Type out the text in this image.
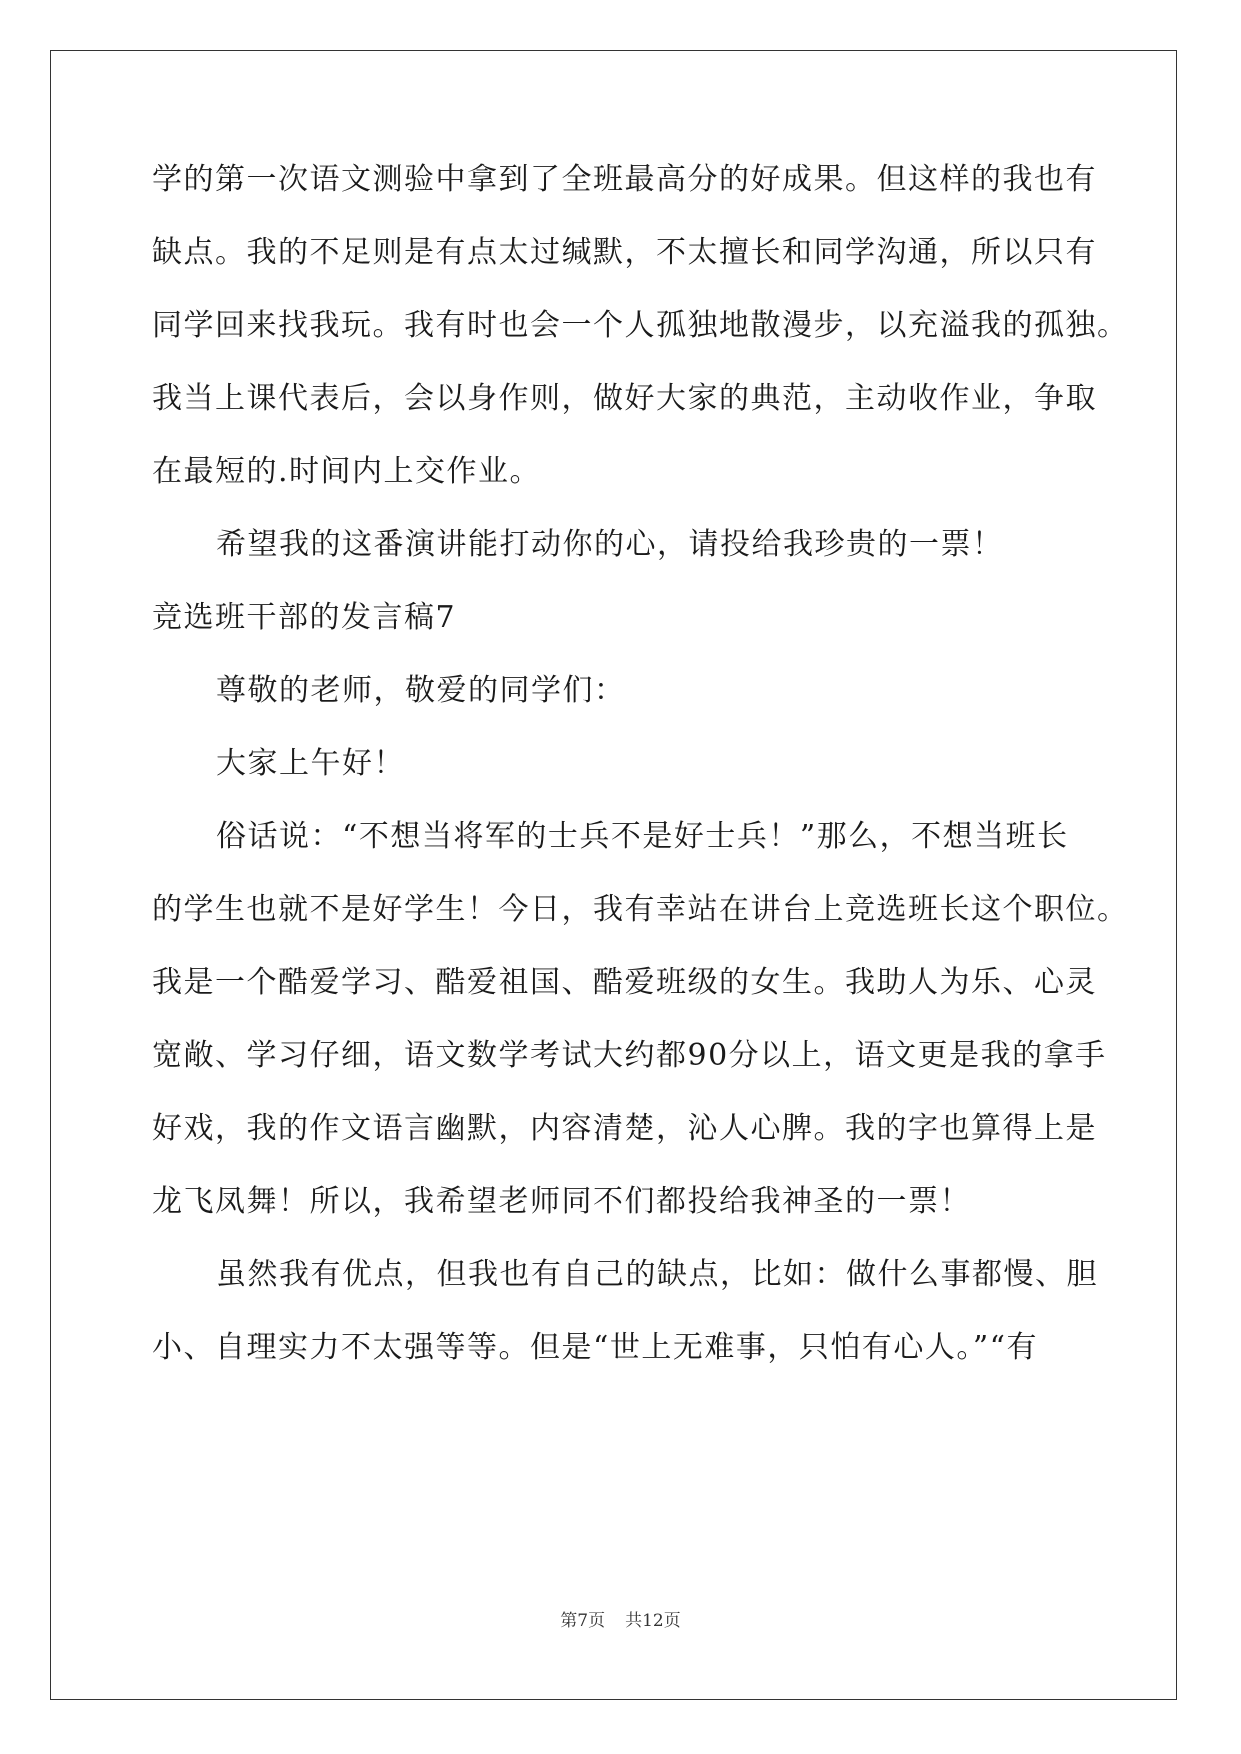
学的第一次语文测验中拿到了全班最高分的好成果。但这样的我也有
缺点。我的不足则是有点太过缄默，不太擅长和同学沟通，所以只有
同学回来找我玩。我有时也会一个人孤独地散漫步，以充溢我的孤独。
我当上课代表后，会以身作则，做好大家的典范，主动收作业，争取
在最短的.时间内上交作业。
希望我的这番演讲能打动你的心，请投给我珍贵的一票！
竞选班干部的发言稿7
尊敬的老师，敬爱的同学们：
大家上午好！
俗话说：“不想当将军的士兵不是好士兵！”那么，不想当班长
的学生也就不是好学生！今日，我有幸站在讲台上竞选班长这个职位。
我是一个酷爱学习、酷爱祖国、酷爱班级的女生。我助人为乐、心灵
宽敞、学习仔细，语文数学考试大约都90分以上，语文更是我的拿手
好戏，我的作文语言幽默，内容清楚，沁人心脾。我的字也算得上是
龙飞凤舞！所以，我希望老师同不们都投给我神圣的一票！
虽然我有优点，但我也有自己的缺点，比如：做什么事都慢、胆
小、自理实力不太强等等。但是“世上无难事，只怕有心人。”“有
第7页 共12页
